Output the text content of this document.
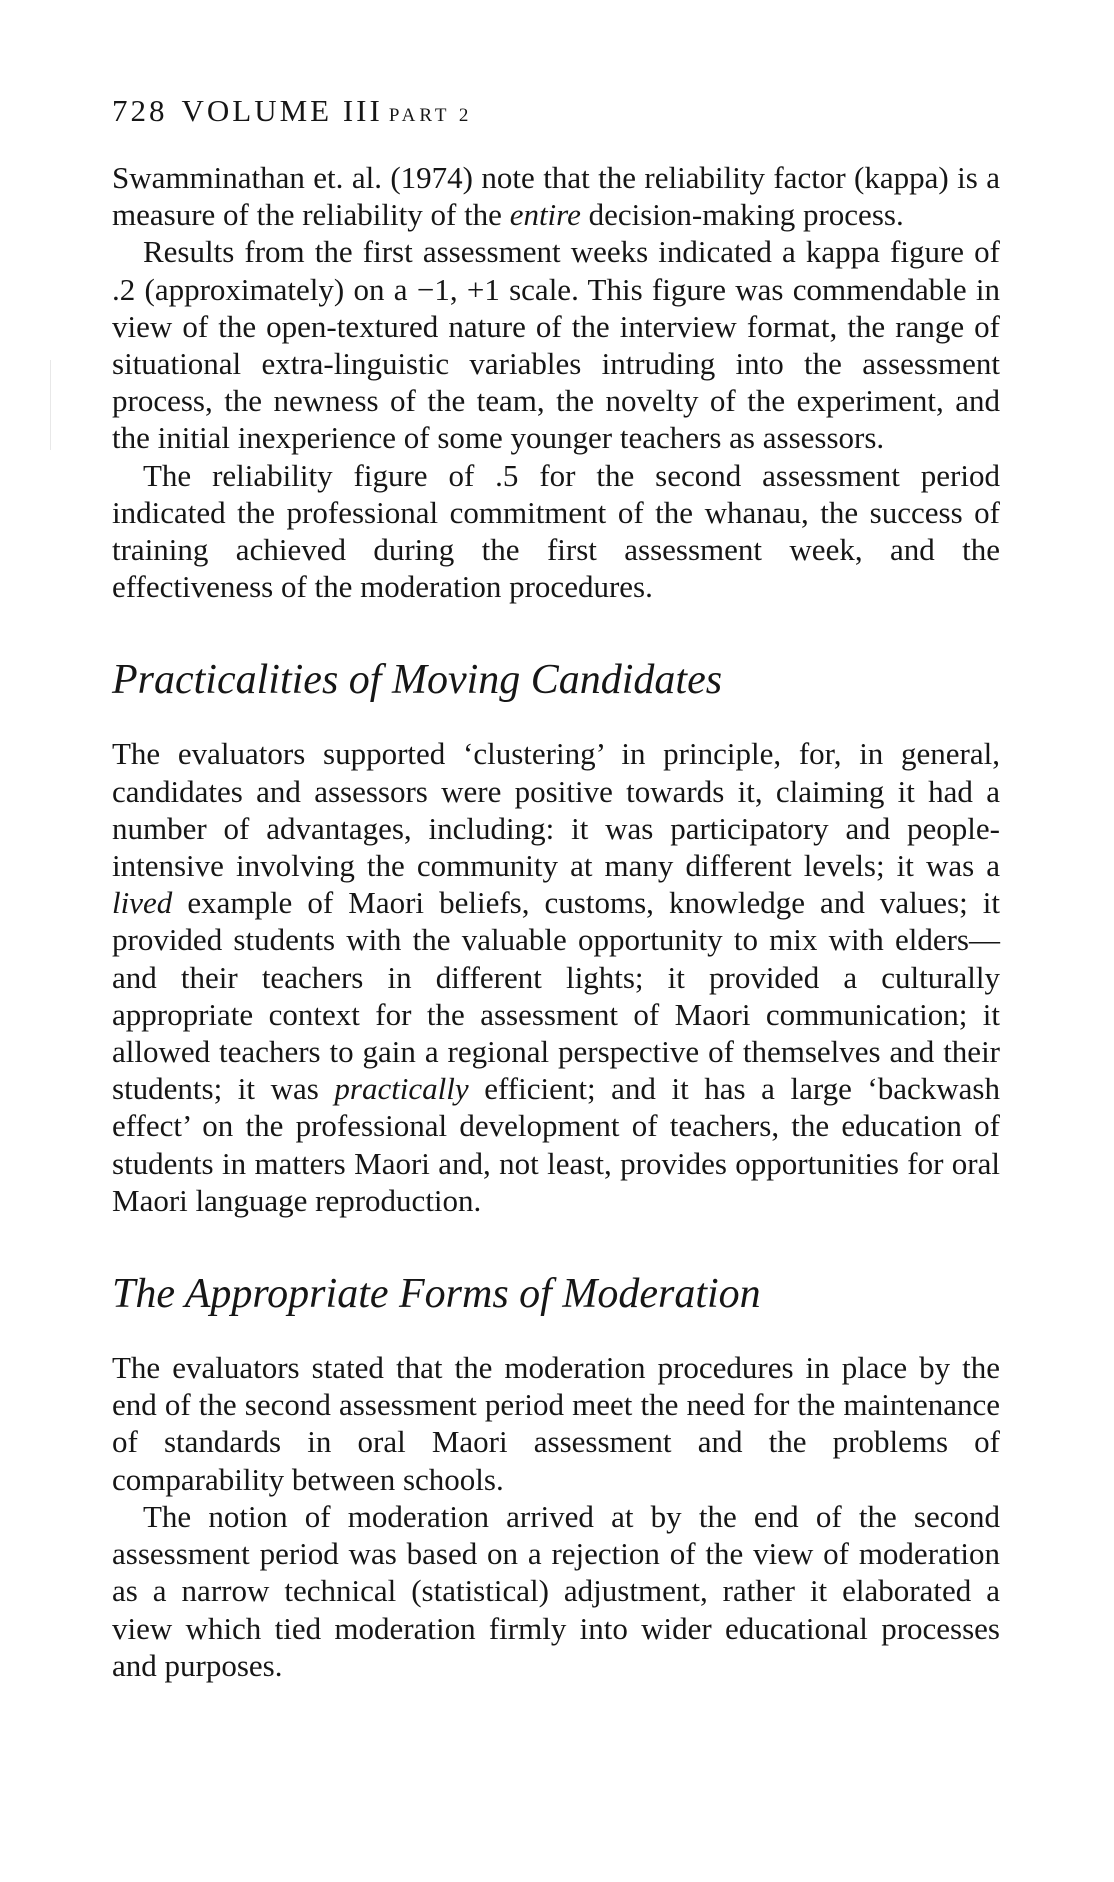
728 VOLUME III PART 2

Swamminathan et. al. (1974) note that the reliability factor (kappa) is a measure of the reliability of the entire decision-making process.

Results from the first assessment weeks indicated a kappa figure of .2 (approximately) on a −1, +1 scale. This figure was commendable in view of the open-textured nature of the interview format, the range of situational extra-linguistic variables intruding into the assessment process, the newness of the team, the novelty of the experiment, and the initial inexperience of some younger teachers as assessors.

The reliability figure of .5 for the second assessment period indicated the professional commitment of the whanau, the success of training achieved during the first assessment week, and the effectiveness of the moderation procedures.

Practicalities of Moving Candidates

The evaluators supported ‘clustering’ in principle, for, in general, candidates and assessors were positive towards it, claiming it had a number of advantages, including: it was participatory and people-intensive involving the community at many different levels; it was a lived example of Maori beliefs, customs, knowledge and values; it provided students with the valuable opportunity to mix with elders—and their teachers in different lights; it provided a culturally appropriate context for the assessment of Maori communication; it allowed teachers to gain a regional perspective of themselves and their students; it was practically efficient; and it has a large ‘backwash effect’ on the professional development of teachers, the education of students in matters Maori and, not least, provides opportunities for oral Maori language reproduction.

The Appropriate Forms of Moderation

The evaluators stated that the moderation procedures in place by the end of the second assessment period meet the need for the maintenance of standards in oral Maori assessment and the problems of comparability between schools.

The notion of moderation arrived at by the end of the second assessment period was based on a rejection of the view of moderation as a narrow technical (statistical) adjustment, rather it elaborated a view which tied moderation firmly into wider educational processes and purposes.
